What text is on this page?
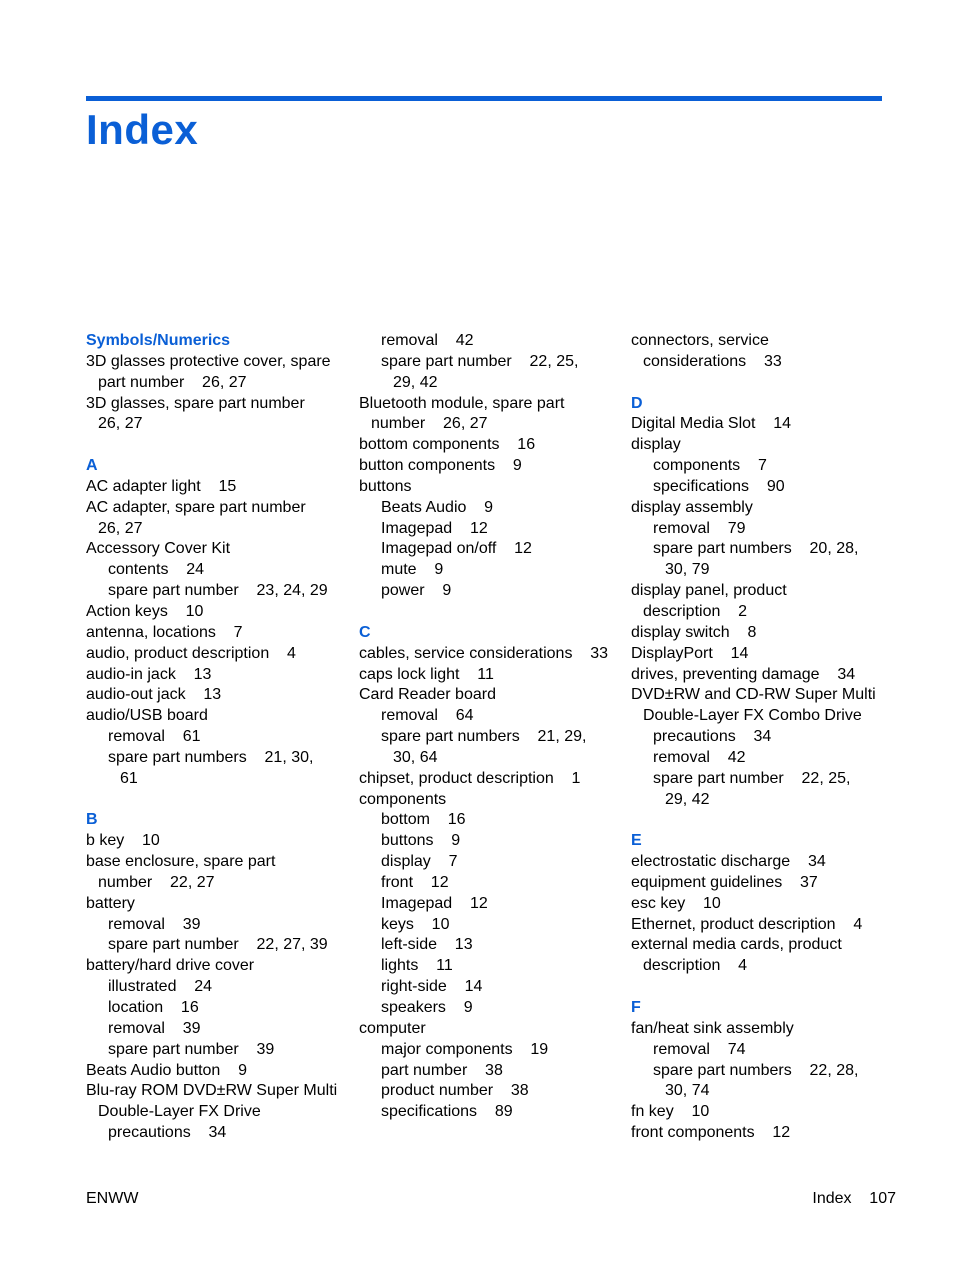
Index
Symbols/Numerics
3D glasses protective cover, spare
part number    26, 27
3D glasses, spare part number
26, 27
A
AC adapter light    15
AC adapter, spare part number
26, 27
Accessory Cover Kit
contents    24
spare part number    23, 24, 29
Action keys    10
antenna, locations    7
audio, product description    4
audio-in jack    13
audio-out jack    13
audio/USB board
removal    61
spare part numbers    21, 30,
61
B
b key    10
base enclosure, spare part
number    22, 27
battery
removal    39
spare part number    22, 27, 39
battery/hard drive cover
illustrated    24
location    16
removal    39
spare part number    39
Beats Audio button    9
Blu-ray ROM DVD±RW Super Multi
Double-Layer FX Drive
precautions    34
removal    42
spare part number    22, 25,
29, 42
Bluetooth module, spare part
number    26, 27
bottom components    16
button components    9
buttons
Beats Audio    9
Imagepad    12
Imagepad on/off    12
mute    9
power    9
C
cables, service considerations    33
caps lock light    11
Card Reader board
removal    64
spare part numbers    21, 29,
30, 64
chipset, product description    1
components
bottom    16
buttons    9
display    7
front    12
Imagepad    12
keys    10
left-side    13
lights    11
right-side    14
speakers    9
computer
major components    19
part number    38
product number    38
specifications    89
connectors, service
considerations    33
D
Digital Media Slot    14
display
components    7
specifications    90
display assembly
removal    79
spare part numbers    20, 28,
30, 79
display panel, product
description    2
display switch    8
DisplayPort    14
drives, preventing damage    34
DVD±RW and CD-RW Super Multi
Double-Layer FX Combo Drive
precautions    34
removal    42
spare part number    22, 25,
29, 42
E
electrostatic discharge    34
equipment guidelines    37
esc key    10
Ethernet, product description    4
external media cards, product
description    4
F
fan/heat sink assembly
removal    74
spare part numbers    22, 28,
30, 74
fn key    10
front components    12
ENWW	Index    107
